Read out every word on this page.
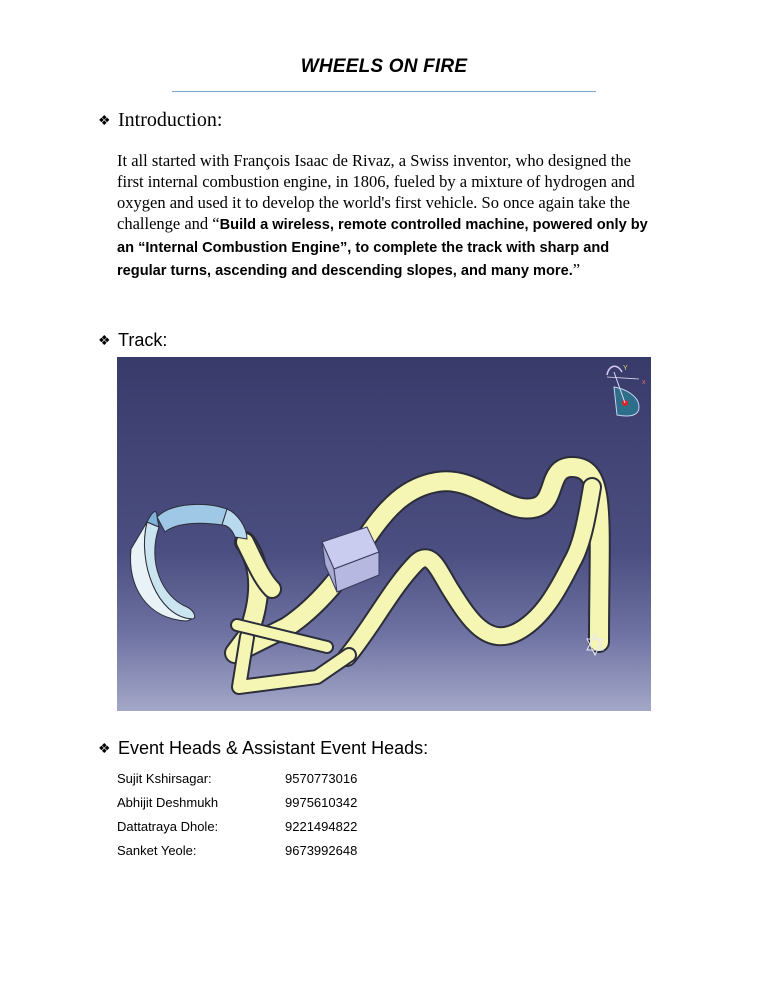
WHEELS ON FIRE
❖ Introduction:
It all started with François Isaac de Rivaz, a Swiss inventor, who designed the first internal combustion engine, in 1806, fueled by a mixture of hydrogen and oxygen and used it to develop the world's first vehicle. So once again take the challenge and “Build a wireless, remote controlled machine, powered only by an “Internal Combustion Engine”, to complete the track with sharp and regular turns, ascending and descending slopes, and many more.”
❖ Track:
Y
x
❖ Event Heads & Assistant Event Heads:
Sujit Kshirsagar:	9570773016
Abhijit Deshmukh	9975610342
Dattatraya Dhole:	9221494822
Sanket Yeole:	9673992648
